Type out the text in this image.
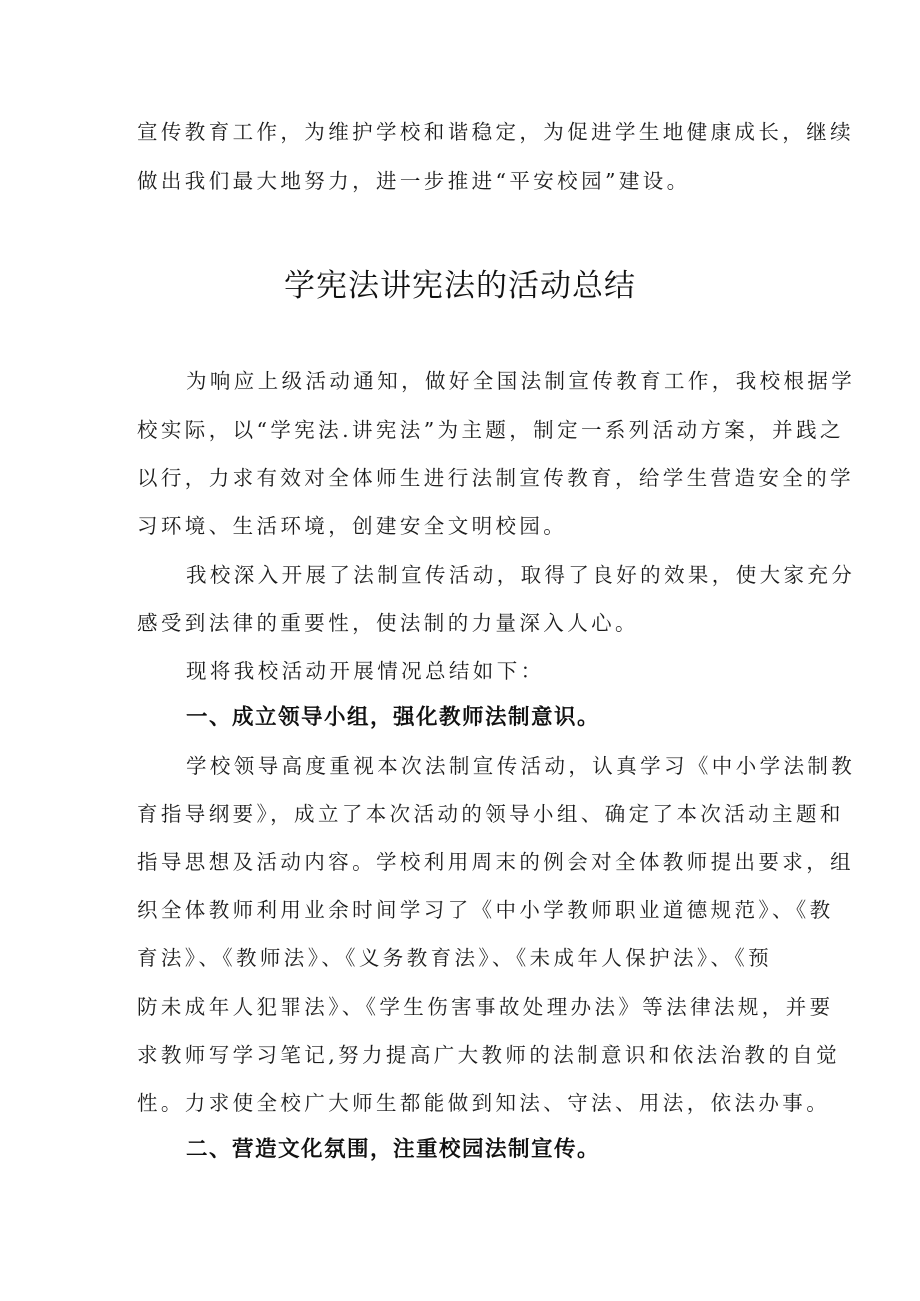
宣传教育工作，为维护学校和谐稳定，为促进学生地健康成长，继续
做出我们最大地努力，进一步推进“平安校园”建设。
学宪法讲宪法的活动总结
为响应上级活动通知，做好全国法制宣传教育工作，我校根据学
校实际，以“学宪法.讲宪法”为主题，制定一系列活动方案，并践之
以行，力求有效对全体师生进行法制宣传教育，给学生营造安全的学
习环境、生活环境，创建安全文明校园。
我校深入开展了法制宣传活动，取得了良好的效果，使大家充分
感受到法律的重要性，使法制的力量深入人心。
现将我校活动开展情况总结如下：
一、成立领导小组，强化教师法制意识。
学校领导高度重视本次法制宣传活动，认真学习《中小学法制教
育指导纲要》，成立了本次活动的领导小组、确定了本次活动主题和
指导思想及活动内容。学校利用周末的例会对全体教师提出要求，组
织全体教师利用业余时间学习了《中小学教师职业道德规范》、《教
育法》、《教师法》、《义务教育法》、《未成年人保护法》、《预
防未成年人犯罪法》、《学生伤害事故处理办法》等法律法规，并要
求教师写学习笔记,努力提高广大教师的法制意识和依法治教的自觉
性。力求使全校广大师生都能做到知法、守法、用法，依法办事。
二、营造文化氛围，注重校园法制宣传。
